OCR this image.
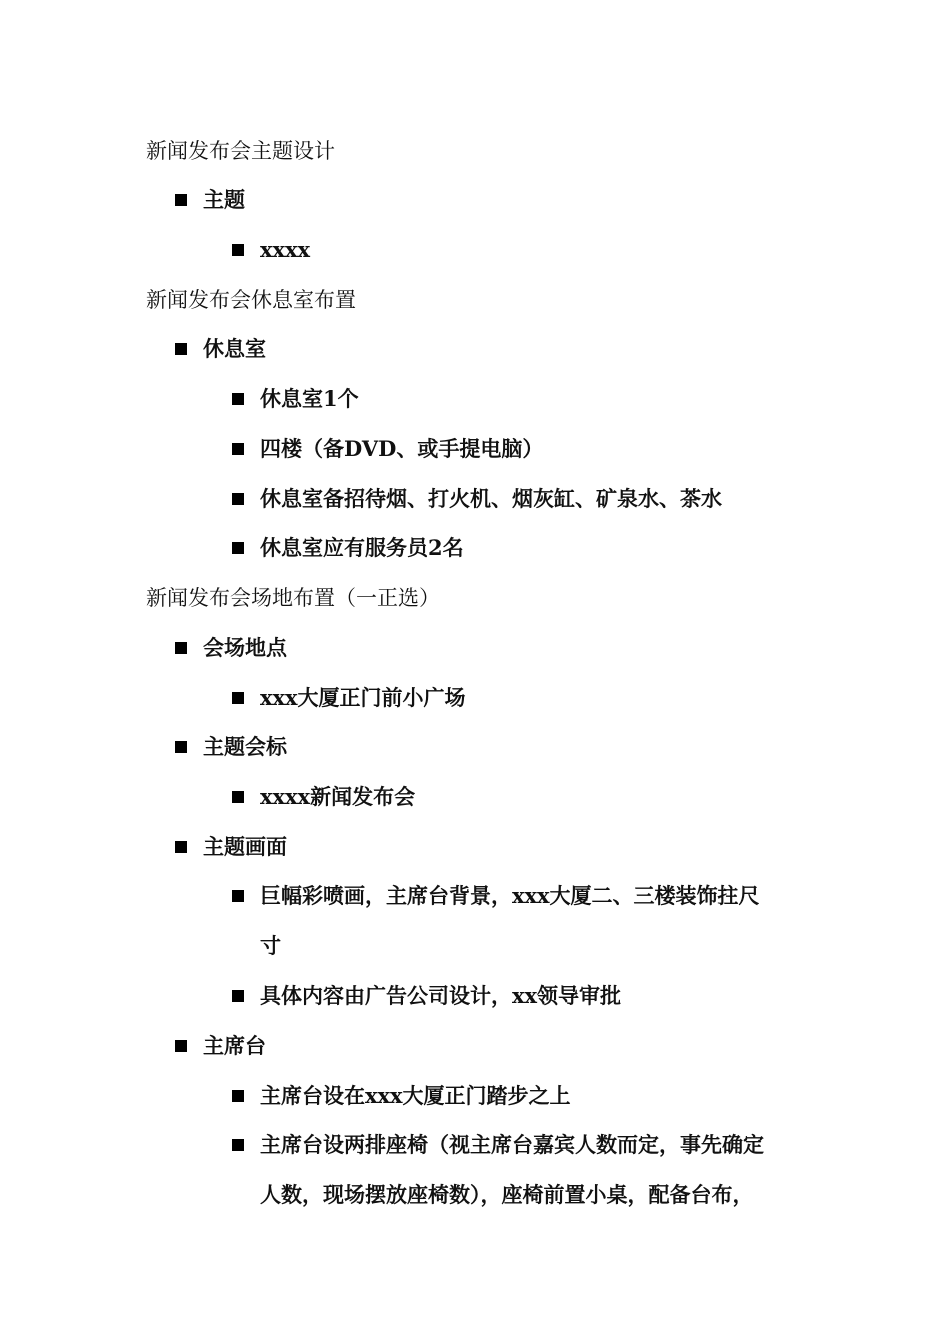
新闻发布会主题设计
主题
xxxx
新闻发布会休息室布置
休息室
休息室1个
四楼（备DVD、或手提电脑）
休息室备招待烟、打火机、烟灰缸、矿泉水、茶水
休息室应有服务员2名
新闻发布会场地布置（一正选）
会场地点
xxx大厦正门前小广场
主题会标
xxxx新闻发布会
主题画面
巨幅彩喷画，主席台背景，xxx大厦二、三楼装饰拄尺
寸
具体内容由广告公司设计，xx领导审批
主席台
主席台设在xxx大厦正门踏步之上
主席台设两排座椅（视主席台嘉宾人数而定，事先确定
人数，现场摆放座椅数），座椅前置小桌，配备台布，
